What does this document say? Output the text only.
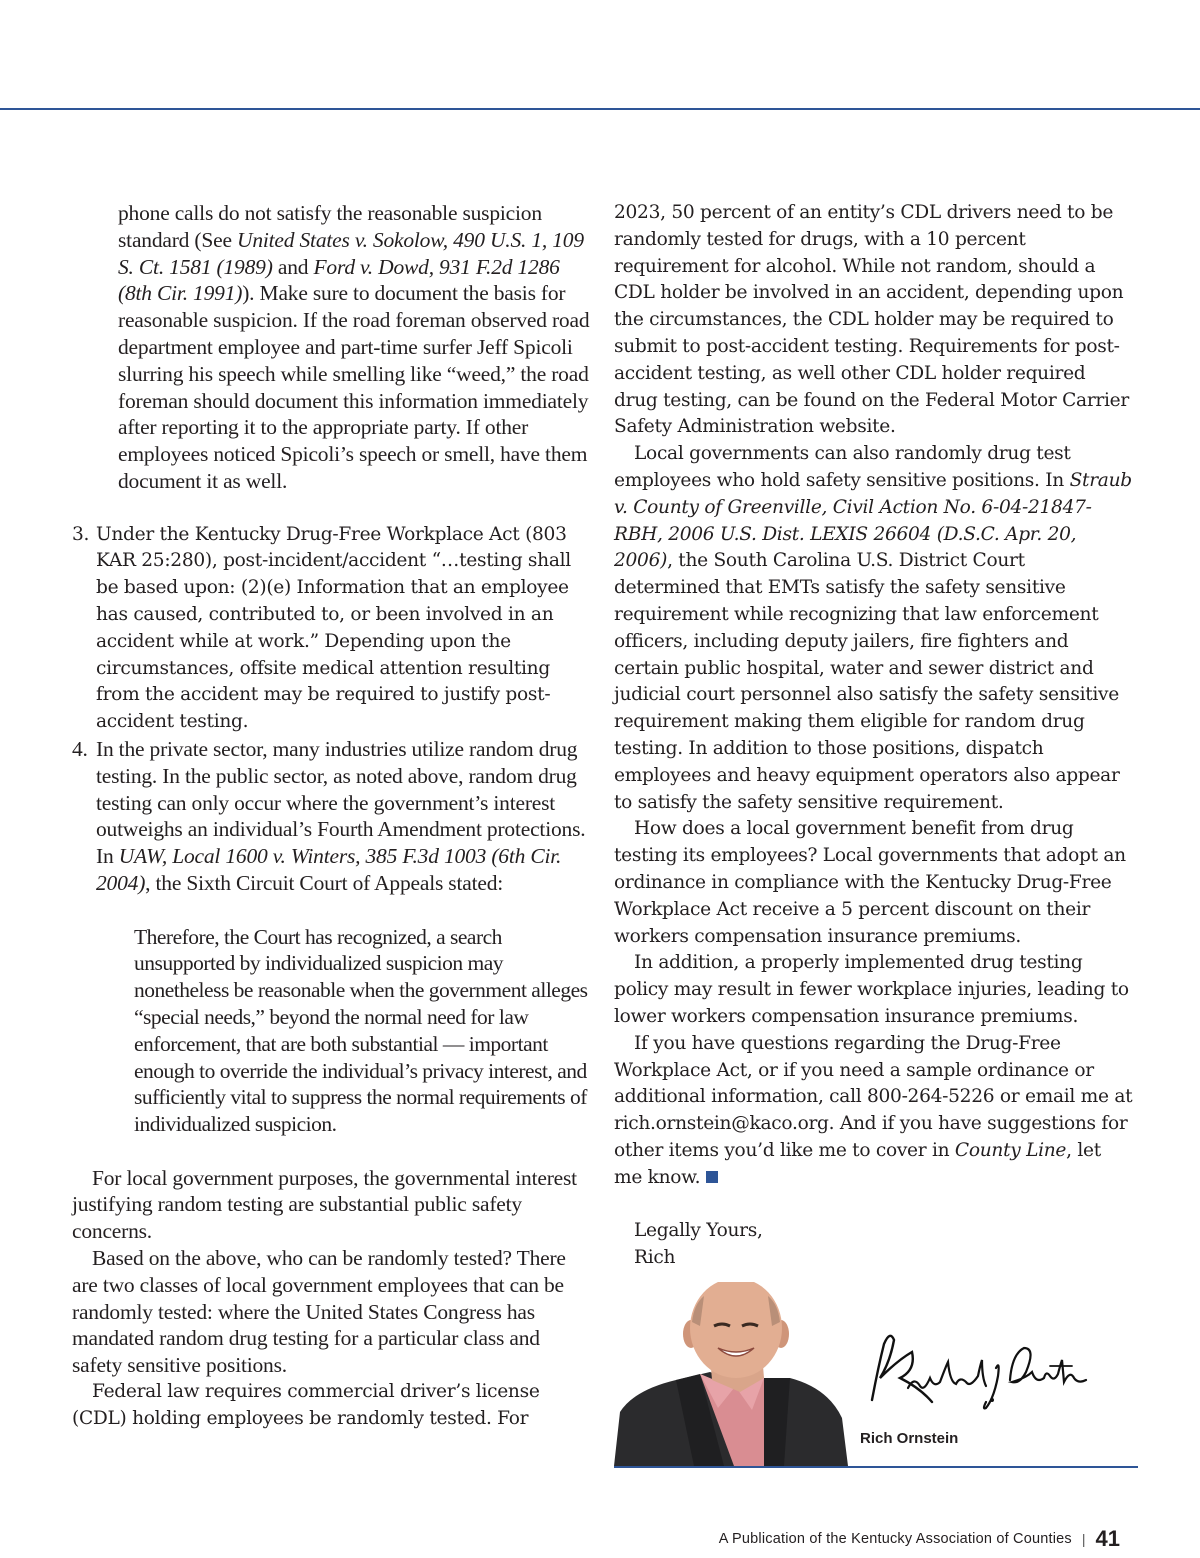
phone calls do not satisfy the reasonable suspicion standard (See United States v. Sokolow, 490 U.S. 1, 109 S. Ct. 1581 (1989) and Ford v. Dowd, 931 F.2d 1286 (8th Cir. 1991)). Make sure to document the basis for reasonable suspicion. If the road foreman observed road department employee and part-time surfer Jeff Spicoli slurring his speech while smelling like “weed,” the road foreman should document this information immediately after reporting it to the appropriate party. If other employees noticed Spicoli’s speech or smell, have them document it as well.

3. Under the Kentucky Drug-Free Workplace Act (803 KAR 25:280), post-incident/accident “…testing shall be based upon: (2)(e) Information that an employee has caused, contributed to, or been involved in an accident while at work.” Depending upon the circumstances, offsite medical attention resulting from the accident may be required to justify post-accident testing.
4. In the private sector, many industries utilize random drug testing. In the public sector, as noted above, random drug testing can only occur where the government’s interest outweighs an individual’s Fourth Amendment protections. In UAW, Local 1600 v. Winters, 385 F.3d 1003 (6th Cir. 2004), the Sixth Circuit Court of Appeals stated:

Therefore, the Court has recognized, a search unsupported by individualized suspicion may nonetheless be reasonable when the government alleges “special needs,” beyond the normal need for law enforcement, that are both substantial — important enough to override the individual’s privacy interest, and sufficiently vital to suppress the normal requirements of individualized suspicion.

For local government purposes, the governmental interest justifying random testing are substantial public safety concerns.

Based on the above, who can be randomly tested? There are two classes of local government employees that can be randomly tested: where the United States Congress has mandated random drug testing for a particular class and safety sensitive positions.

Federal law requires commercial driver’s license (CDL) holding employees be randomly tested. For

2023, 50 percent of an entity’s CDL drivers need to be randomly tested for drugs, with a 10 percent requirement for alcohol. While not random, should a CDL holder be involved in an accident, depending upon the circumstances, the CDL holder may be required to submit to post-accident testing. Requirements for post-accident testing, as well other CDL holder required drug testing, can be found on the Federal Motor Carrier Safety Administration website.

Local governments can also randomly drug test employees who hold safety sensitive positions. In Straub v. County of Greenville, Civil Action No. 6-04-21847-RBH, 2006 U.S. Dist. LEXIS 26604 (D.S.C. Apr. 20, 2006), the South Carolina U.S. District Court determined that EMTs satisfy the safety sensitive requirement while recognizing that law enforcement officers, including deputy jailers, fire fighters and certain public hospital, water and sewer district and judicial court personnel also satisfy the safety sensitive requirement making them eligible for random drug testing. In addition to those positions, dispatch employees and heavy equipment operators also appear to satisfy the safety sensitive requirement.

How does a local government benefit from drug testing its employees? Local governments that adopt an ordinance in compliance with the Kentucky Drug-Free Workplace Act receive a 5 percent discount on their workers compensation insurance premiums.

In addition, a properly implemented drug testing policy may result in fewer workplace injuries, leading to lower workers compensation insurance premiums.

If you have questions regarding the Drug-Free Workplace Act, or if you need a sample ordinance or additional information, call 800-264-5226 or email me at rich.ornstein@kaco.org. And if you have suggestions for other items you’d like me to cover in County Line, let me know.

Legally Yours,

Rich

Rich Ornstein
A Publication of the Kentucky Association of Counties | 41
